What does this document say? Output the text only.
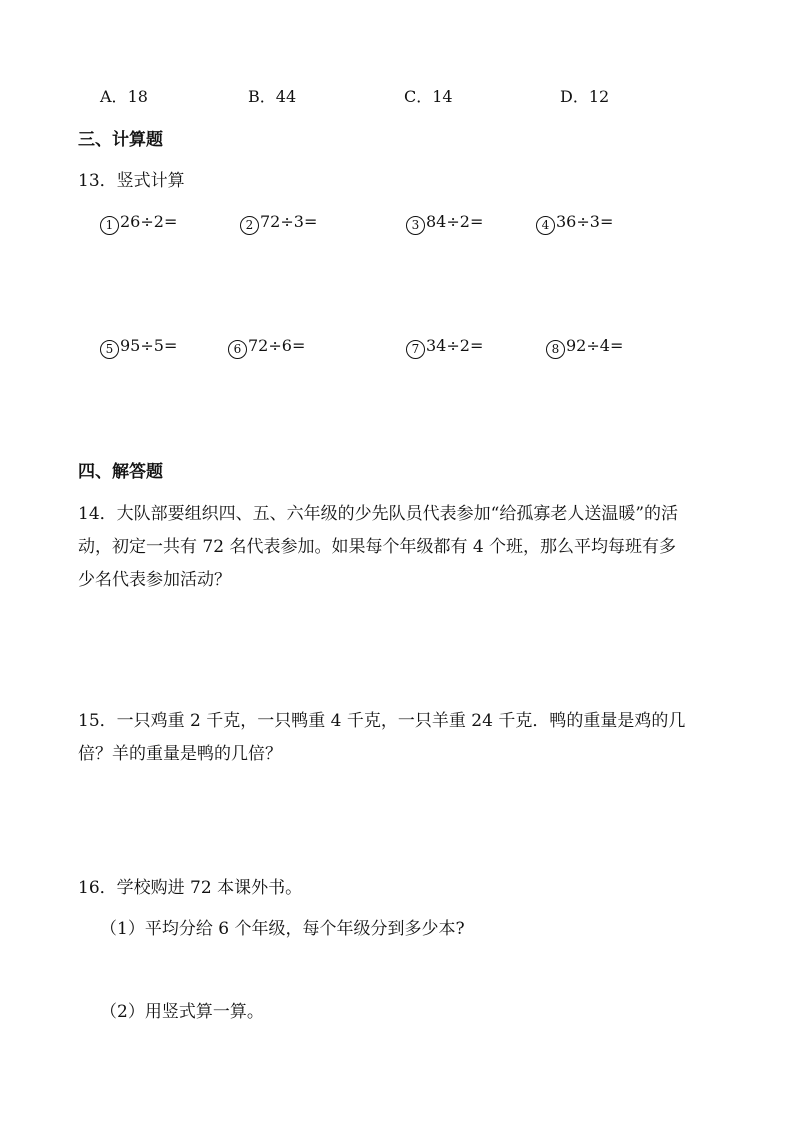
A．18	B．44	C．14	D．12
三、计算题
13．竖式计算
1 26÷2=	2 72÷3=	3 84÷2=	4 36÷3=
5 95÷5=	6 72÷6=	7 34÷2=	8 92÷4=
四、解答题

14．大队部要组织四、五、六年级的少先队员代表参加“给孤寡老人送温暖”的活

动，初定一共有 72 名代表参加。如果每个年级都有 4 个班，那么平均每班有多

少名代表参加活动？

15．一只鸡重 2 千克，一只鸭重 4 千克，一只羊重 24 千克．鸭的重量是鸡的几

倍？羊的重量是鸭的几倍？

16．学校购进 72 本课外书。
（1）平均分给 6 个年级，每个年级分到多少本?
（2）用竖式算一算。
